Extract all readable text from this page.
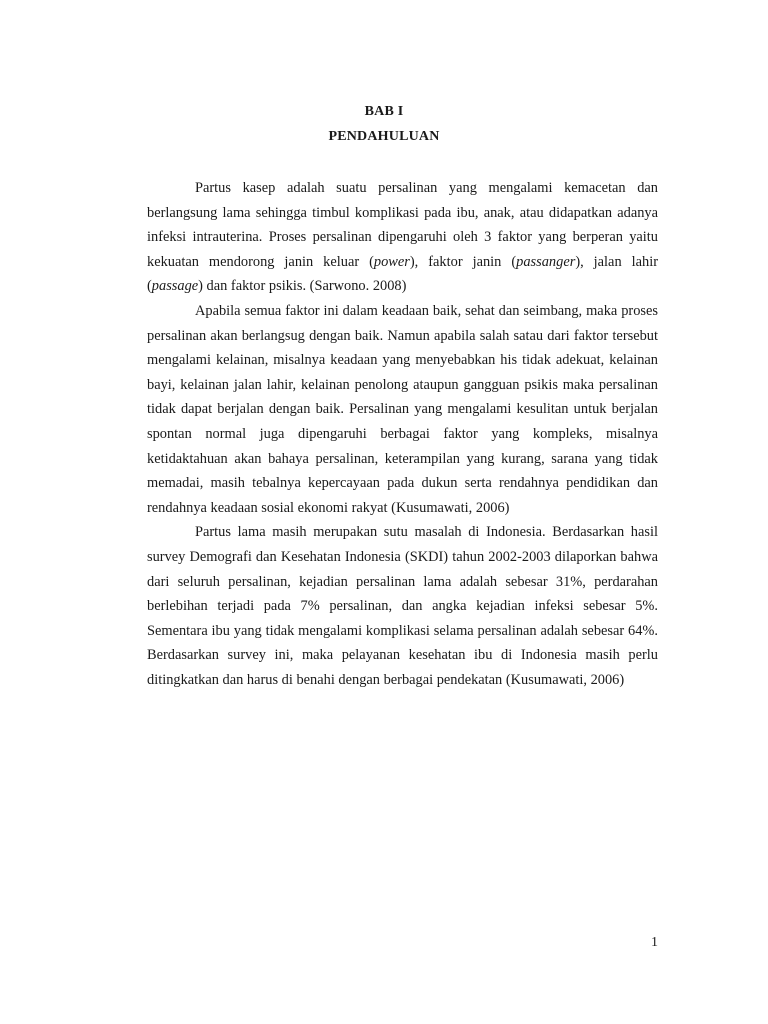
BAB I
PENDAHULUAN

Partus kasep adalah suatu persalinan yang mengalami kemacetan dan berlangsung lama sehingga timbul komplikasi pada ibu, anak, atau didapatkan adanya infeksi intrauterina. Proses persalinan dipengaruhi oleh 3 faktor yang berperan yaitu kekuatan mendorong janin keluar (power), faktor janin (passanger), jalan lahir (passage) dan faktor psikis. (Sarwono. 2008)

Apabila semua faktor ini dalam keadaan baik, sehat dan seimbang, maka proses persalinan akan berlangsug dengan baik. Namun apabila salah satau dari faktor tersebut mengalami kelainan, misalnya keadaan yang menyebabkan his tidak adekuat, kelainan bayi, kelainan jalan lahir, kelainan penolong ataupun gangguan psikis maka persalinan tidak dapat berjalan dengan baik. Persalinan yang mengalami kesulitan untuk berjalan spontan normal juga dipengaruhi berbagai faktor yang kompleks, misalnya ketidaktahuan akan bahaya persalinan, keterampilan yang kurang, sarana yang tidak memadai, masih tebalnya kepercayaan pada dukun serta rendahnya pendidikan dan rendahnya keadaan sosial ekonomi rakyat (Kusumawati, 2006)

Partus lama masih merupakan sutu masalah di Indonesia. Berdasarkan hasil survey Demografi dan Kesehatan Indonesia (SKDI) tahun 2002-2003 dilaporkan bahwa dari seluruh persalinan, kejadian persalinan lama adalah sebesar 31%, perdarahan berlebihan terjadi pada 7% persalinan, dan angka kejadian infeksi sebesar 5%. Sementara ibu yang tidak mengalami komplikasi selama persalinan adalah sebesar 64%. Berdasarkan survey ini, maka pelayanan kesehatan ibu di Indonesia masih perlu ditingkatkan dan harus di benahi dengan berbagai pendekatan (Kusumawati, 2006)

1
